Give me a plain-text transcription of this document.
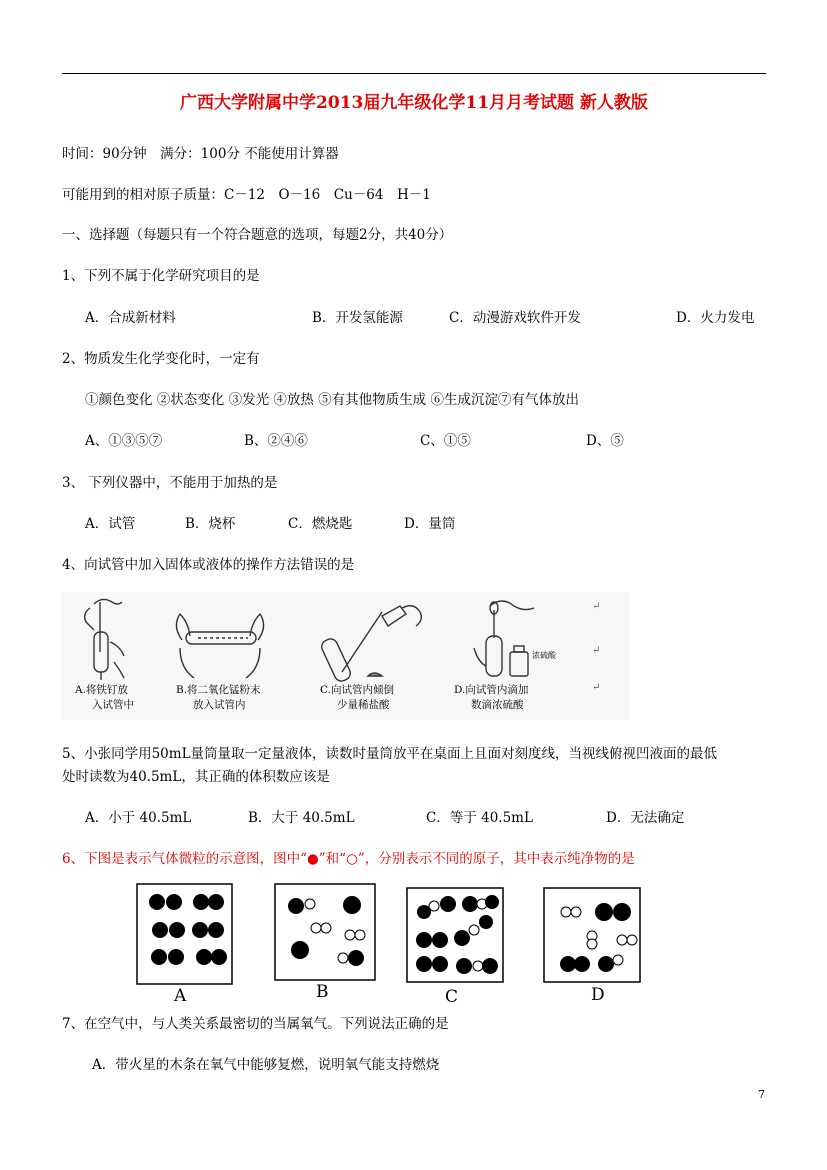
广西大学附属中学2013届九年级化学11月月考试题 新人教版
时间：90分钟　满分：100分 不能使用计算器
可能用到的相对原子质量：C－12　O－16　Cu－64　H－1
一、选择题（每题只有一个符合题意的选项，每题2分，共40分）
1、下列不属于化学研究项目的是
A．合成新材料	B．开发氢能源	C．动漫游戏软件开发	D．火力发电
2、物质发生化学变化时，一定有
①颜色变化 ②状态变化 ③发光 ④放热 ⑤有其他物质生成 ⑥生成沉淀⑦有气体放出
A、①③⑤⑦	B、②④⑥	C、①⑤	D、⑤
3、 下列仪器中，不能用于加热的是
A．试管	B．烧杯	C．燃烧匙	D．量筒
4、向试管中加入固体或液体的操作方法错误的是
A.将铁钉放
入试管中
B.将二氧化锰粉末
放入试管内
C.向试管内倾倒
少量稀盐酸
D.向试管内滴加
数滴浓硫酸
浓硫酸
↵
↵
↵
5、小张同学用50mL量筒量取一定量液体，读数时量筒放平在桌面上且面对刻度线，当视线俯视凹液面的最低
处时读数为40.5mL，其正确的体积数应该是
A．小于 40.5mL	B．大于 40.5mL	C．等于 40.5mL	D．无法确定
6、下图是表示气体微粒的示意图，图中“●”和“○”，分别表示不同的原子，其中表示纯净物的是
A	B	C	D
7、在空气中，与人类关系最密切的当属氧气。下列说法正确的是
A．带火星的木条在氧气中能够复燃，说明氧气能支持燃烧
7
